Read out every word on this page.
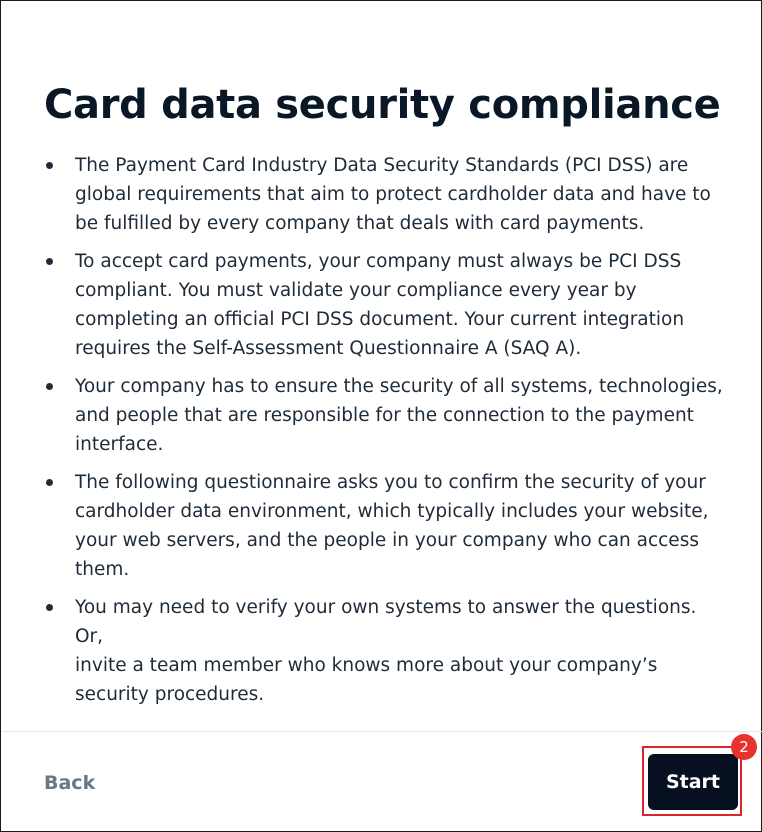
Card data security compliance
The Payment Card Industry Data Security Standards (PCI DSS) are
global requirements that aim to protect cardholder data and have to
be fulfilled by every company that deals with card payments.
To accept card payments, your company must always be PCI DSS
compliant. You must validate your compliance every year by
completing an official PCI DSS document. Your current integration
requires the Self-Assessment Questionnaire A (SAQ A).
Your company has to ensure the security of all systems, technologies,
and people that are responsible for the connection to the payment
interface.
The following questionnaire asks you to confirm the security of your
cardholder data environment, which typically includes your website,
your web servers, and the people in your company who can access
them.
You may need to verify your own systems to answer the questions. Or,
invite a team member who knows more about your company’s
security procedures.
Back	Start
2
